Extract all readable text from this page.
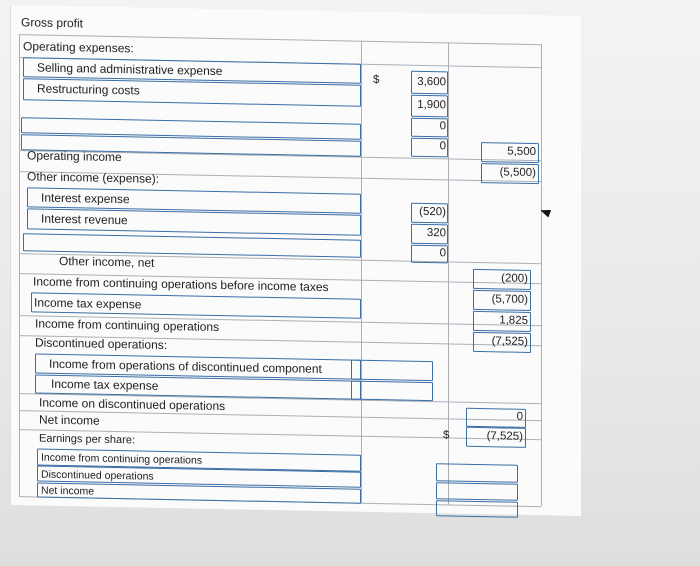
Gross profit
Operating expenses:
Selling and administrative expense
Restructuring costs
Operating income
Other income (expense):
Interest expense
Interest revenue
Other income, net
Income from continuing operations before income taxes
Income tax expense
Income from continuing operations
Discontinued operations:
Income from operations of discontinued component
Income tax expense
Income on discontinued operations
Net income
Earnings per share:
Income from continuing operations
Discontinued operations
Net income
$	3,600
1,900
0
0
(520)
320
0
5,500
(5,500)
(200)
(5,700)
1,825
(7,525)
0
$	(7,525)
